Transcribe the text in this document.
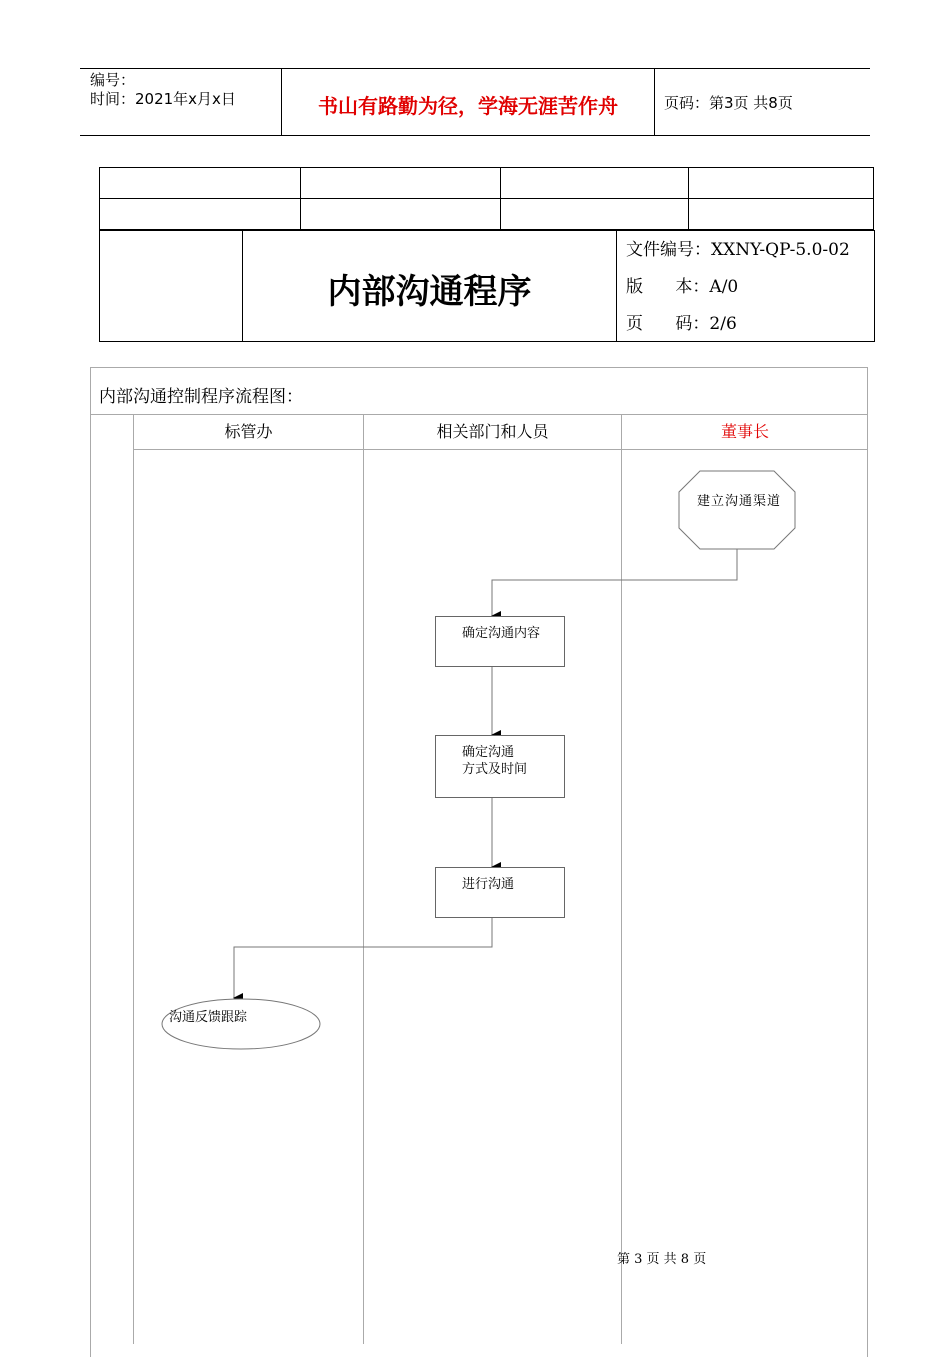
编号：
时间：2021年x月x日	书山有路勤为径，学海无涯苦作舟	页码：第3页 共8页
内部沟通程序
文件编号：XXNY-QP-5.0-02
版      本：A/0
页      码：2/6
内部沟通控制程序流程图：
标管办	相关部门和人员	董事长
建立沟通渠道
确定沟通内容
确定沟通
方式及时间
进行沟通
沟通反馈跟踪
第 3 页 共 8 页
